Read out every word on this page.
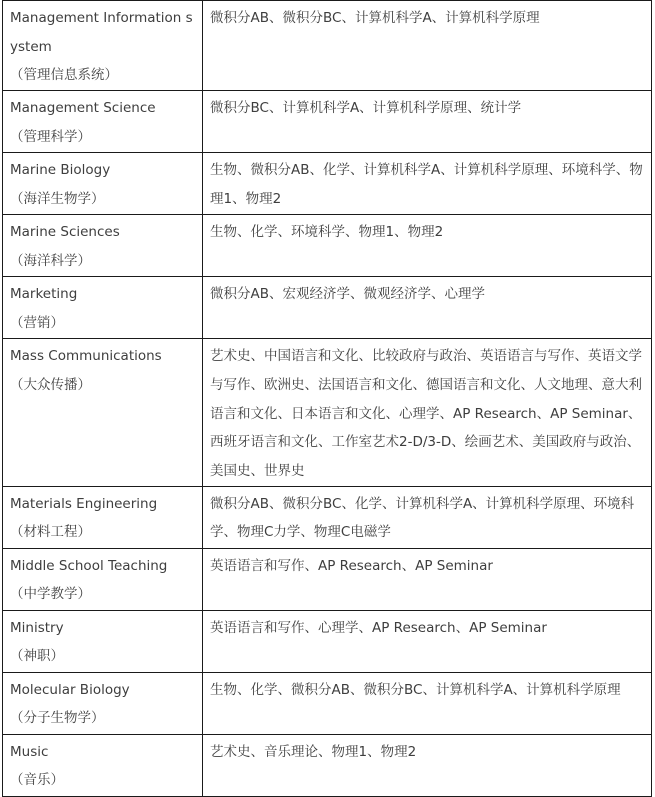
Management Information system
（管理信息系统）	微积分AB、微积分BC、计算机科学A、计算机科学原理

Management Science
（管理科学）	微积分BC、计算机科学A、计算机科学原理、统计学

Marine Biology
（海洋生物学）	生物、微积分AB、化学、计算机科学A、计算机科学原理、环境科学、物理1、物理2

Marine Sciences
（海洋科学）	生物、化学、环境科学、物理1、物理2

Marketing
（营销）	微积分AB、宏观经济学、微观经济学、心理学

Mass Communications
（大众传播）	艺术史、中国语言和文化、比较政府与政治、英语语言与写作、英语文学与写作、欧洲史、法国语言和文化、德国语言和文化、人文地理、意大利语言和文化、日本语言和文化、心理学、AP Research、AP Seminar、西班牙语言和文化、工作室艺术2-D/3-D、绘画艺术、美国政府与政治、美国史、世界史

Materials Engineering
（材料工程）	微积分AB、微积分BC、化学、计算机科学A、计算机科学原理、环境科学、物理C力学、物理C电磁学

Middle School Teaching
（中学教学）	英语语言和写作、AP Research、AP Seminar

Ministry
（神职）	英语语言和写作、心理学、AP Research、AP Seminar

Molecular Biology
（分子生物学）	生物、化学、微积分AB、微积分BC、计算机科学A、计算机科学原理

Music
（音乐）	艺术史、音乐理论、物理1、物理2
